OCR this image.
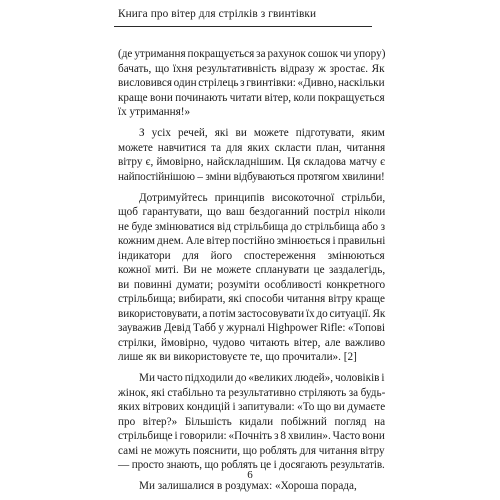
Книга про вітер для стрілків з гвинтівки
(де утримання покращується за рахунок сошок чи упору)
бачать, що їхня результативність відразу ж зростає. Як
висловився один стрілець з гвинтівки: «Дивно, наскільки
краще вони починають читати вітер, коли покращується
їх утримання!»
З усіх речей, які ви можете підготувати, яким
можете навчитися та для яких скласти план, читання
вітру є, ймовірно, найскладнішим. Ця складова матчу є
найпостійнішою – зміни відбуваються протягом хвилини!
Дотримуйтесь принципів високоточної стрільби,
щоб гарантувати, що ваш бездоганний постріл ніколи
не буде змінюватися від стрільбища до стрільбища або з
кожним днем. Але вітер постійно змінюється і правильні
індикатори для його спостереження змінюються
кожної миті. Ви не можете спланувати це заздалегідь,
ви повинні думати; розуміти особливості конкретного
стрільбища; вибирати, які способи читання вітру краще
використовувати, а потім застосовувати їх до ситуації. Як
зауважив Девід Табб у журналі Highpower Rifle: «Топові
стрілки, ймовірно, чудово читають вітер, але важливо
лише як ви використовуєте те, що прочитали». [2]
Ми часто підходили до «великих людей», чоловіків і
жінок, які стабільно та результативно стріляють за будь-
яких вітрових кондицій і запитували: «То що ви думаєте
про вітер?» Більшість кидали побіжний погляд на
стрільбище і говорили: «Почніть з 8 хвилин». Часто вони
самі не можуть пояснити, що роблять для читання вітру
— просто знають, що роблять це і досягають результатів.
Ми залишалися в роздумах: «Хороша порада,
6
